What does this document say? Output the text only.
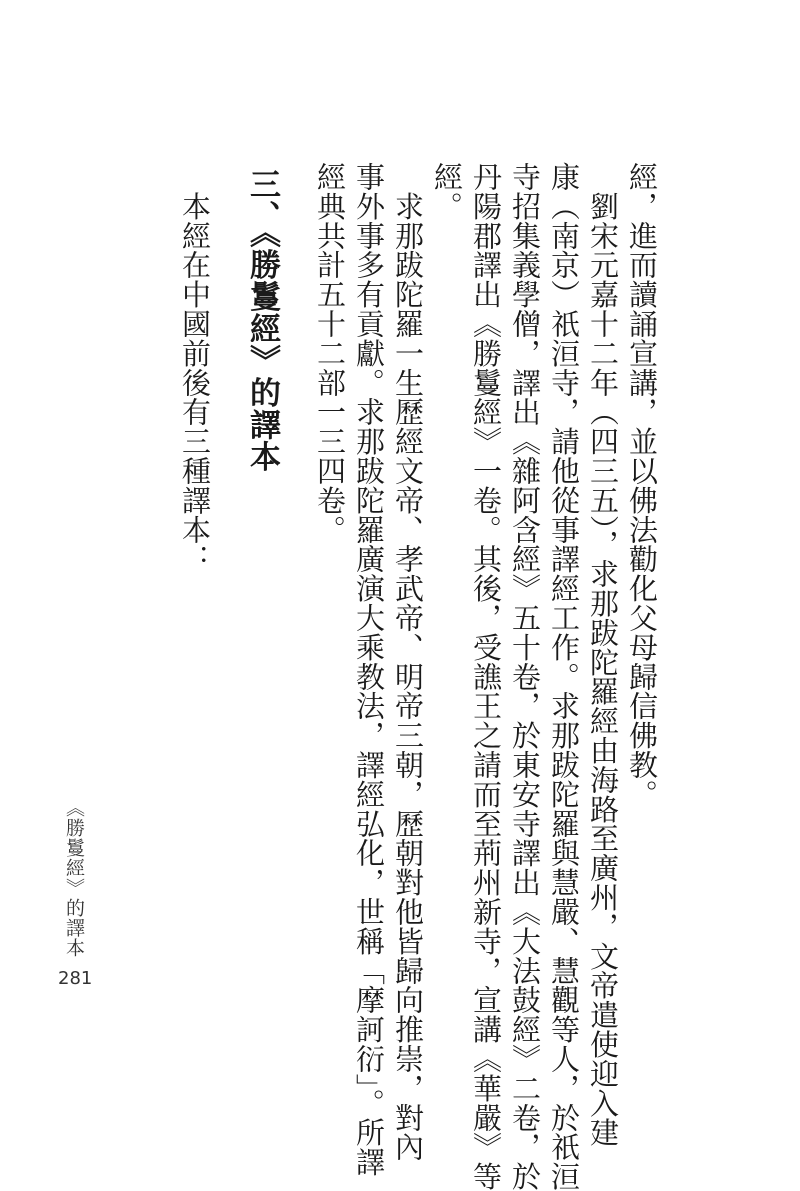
經，進而讀誦宣講，並以佛法勸化父母歸信佛教。
　劉宋元嘉十二年（四三五），求那跋陀羅經由海路至廣州，文帝遣使迎入建
康（南京）祇洹寺，請他從事譯經工作。求那跋陀羅與慧嚴、慧觀等人，於祇洹
寺招集義學僧，譯出《雜阿含經》五十卷，於東安寺譯出《大法鼓經》二卷，於
丹陽郡譯出《勝鬘經》一卷。其後，受譙王之請而至荊州新寺，宣講《華嚴》等
經。
　求那跋陀羅一生歷經文帝、孝武帝、明帝三朝，歷朝對他皆歸向推崇，對內
事外事多有貢獻。求那跋陀羅廣演大乘教法，譯經弘化，世稱「摩訶衍」。所譯
經典共計五十二部一三四卷。
三、《勝鬘經》的譯本
　本經在中國前後有三種譯本：
《勝鬘經》的譯本
281
